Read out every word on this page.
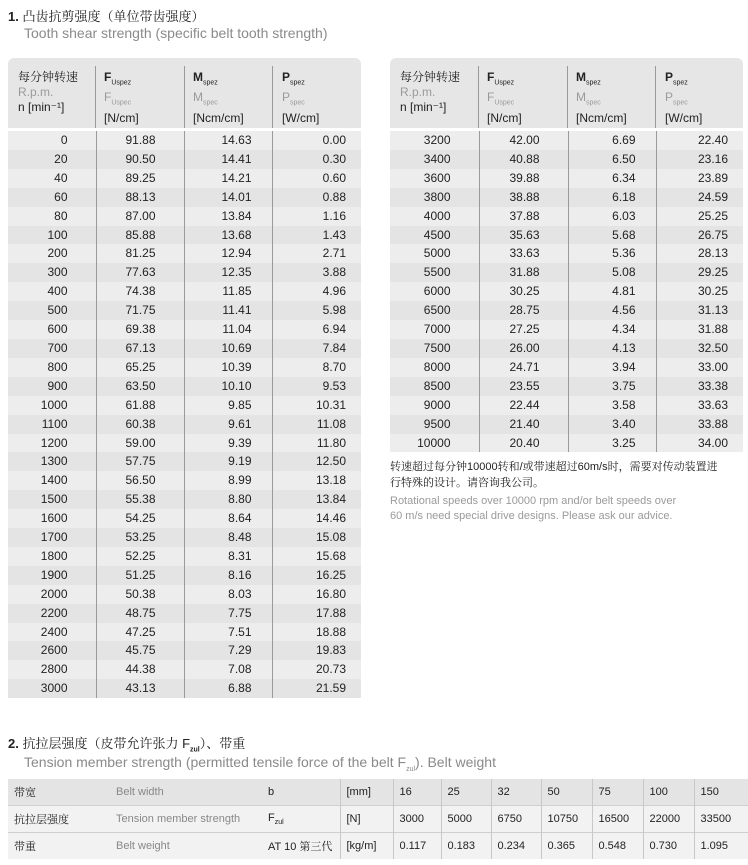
1. 凸齿抗剪强度（单位带齿强度）
Tooth shear strength (specific belt tooth strength)
每分钟转速
R.p.m.
n [min⁻¹]
$F_{Uspez}$
$F_{Uspec}$
[N/cm]
$M_{spez}$
$M_{spec}$
[Ncm/cm]
$P_{spez}$
$P_{spec}$
[W/cm]
0	91.88	14.63	0.00
20	90.50	14.41	0.30
40	89.25	14.21	0.60
60	88.13	14.01	0.88
80	87.00	13.84	1.16
100	85.88	13.68	1.43
200	81.25	12.94	2.71
300	77.63	12.35	3.88
400	74.38	11.85	4.96
500	71.75	11.41	5.98
600	69.38	11.04	6.94
700	67.13	10.69	7.84
800	65.25	10.39	8.70
900	63.50	10.10	9.53
1000	61.88	9.85	10.31
1100	60.38	9.61	11.08
1200	59.00	9.39	11.80
1300	57.75	9.19	12.50
1400	56.50	8.99	13.18
1500	55.38	8.80	13.84
1600	54.25	8.64	14.46
1700	53.25	8.48	15.08
1800	52.25	8.31	15.68
1900	51.25	8.16	16.25
2000	50.38	8.03	16.80
2200	48.75	7.75	17.88
2400	47.25	7.51	18.88
2600	45.75	7.29	19.83
2800	44.38	7.08	20.73
3000	43.13	6.88	21.59
每分钟转速
R.p.m.
n [min⁻¹]
$F_{Uspez}$
$F_{Uspec}$
[N/cm]
$M_{spez}$
$M_{spec}$
[Ncm/cm]
$P_{spez}$
$P_{spec}$
[W/cm]
3200	42.00	6.69	22.40
3400	40.88	6.50	23.16
3600	39.88	6.34	23.89
3800	38.88	6.18	24.59
4000	37.88	6.03	25.25
4500	35.63	5.68	26.75
5000	33.63	5.36	28.13
5500	31.88	5.08	29.25
6000	30.25	4.81	30.25
6500	28.75	4.56	31.13
7000	27.25	4.34	31.88
7500	26.00	4.13	32.50
8000	24.71	3.94	33.00
8500	23.55	3.75	33.38
9000	22.44	3.58	33.63
9500	21.40	3.40	33.88
10000	20.40	3.25	34.00
转速超过每分钟10000转和/或带速超过60m/s时，需要对传动装置进
行特殊的设计。请咨询我公司。
Rotational speeds over 10000 rpm and/or belt speeds over
60 m/s need special drive designs. Please ask our advice.
2. 抗拉层强度（皮带允许张力 $F_{zul}$）、带重
Tension member strength (permitted tensile force of the belt $F_{zul}$). Belt weight
带宽	Belt width	b	[mm]	16	25	32	50	75	100	150
抗拉层强度	Tension member strength	$F_{zul}$	[N]	3000	5000	6750	10750	16500	22000	33500
带重	Belt weight	AT 10 第三代	[kg/m]	0.117	0.183	0.234	0.365	0.548	0.730	1.095
